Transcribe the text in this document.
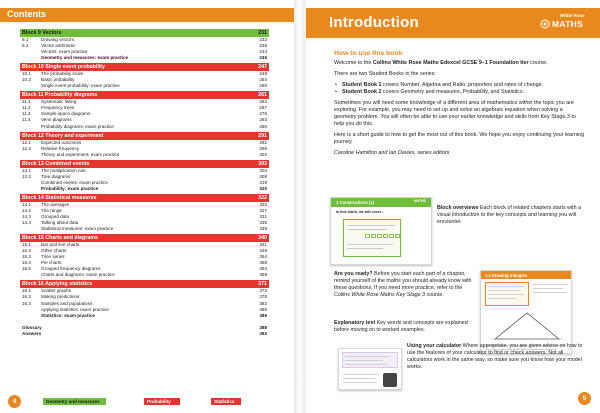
Contents
Block 9 Vectors	231
9.1	Drawing vectors	232
9.2	Vector arithmetic	238
Vectors: exam practice	244
Geometry and measures: exam practice	245
Block 10 Single event probability	247
10.1	The probability scale	248
10.2	Basic probability	254
Single event probability: exam practice	260
Block 11 Probability diagrams	261
11.1	Systematic listing	262
11.2	Frequency trees	267
11.3	Sample space diagrams	276
11.4	Venn diagrams	283
Probability diagrams: exam practice	290
Block 12 Theory and experiment	291
12.1	Expected outcomes	292
12.2	Relative frequency	296
Theory and experiment: exam practice	302
Block 13 Combined events	303
13.1	The multiplication rule	304
13.2	Tree diagrams	308
Combined events: exam practice	319
Probability: exam practice	320
Block 14 Statistical measures	322
14.1	The averages	323
14.2	The range	327
14.3	Grouped data	331
14.4	Talking about data	335
Statistical measures: exam practice	339
Block 15 Charts and diagrams	340
15.1	Bar and line charts	341
15.2	Other charts	348
15.3	Time series	354
15.4	Pie charts	358
15.5	Grouped frequency diagrams	363
Charts and diagrams: exam practice	369
Block 16 Applying statistics	371
16.1	Scatter graphs	372
16.2	Making predictions	378
16.3	Samples and populations	382
Applying statistics: exam practice	385
Statistics: exam practice	386
Glossary	388
Answers	392
4	Geometry and measures	Probability	Statistics
Introduction	White Rose
MATHS
How to use this book

Welcome to the Collins White Rose Maths Edexcel GCSE 9–1 Foundation tier course.

There are two Student Books in the series:

• Student Book 1 covers Number, Algebra and Ratio, proportion and rates of change.
• Student Book 2 covers Geometry and measures, Probability, and Statistics.

Sometimes you will need some knowledge of a different area of mathematics within the topic you are exploring. For example, you may need to set up and solve an algebraic equation when solving a geometry problem. You will often be able to use your earlier knowledge and skills from Key Stage 3 to help you do this.

Here is a short guide to how to get the most out of this book. We hope you enjoy continuing your learning journey.

Caroline Hamilton and Ian Davies, series editors

1 Constructions (1)	MATHS
In this block, we will cover...
Block overviews Each block of related chapters starts with a visual introduction to the key concepts and learning you will encounter.
1.1 Drawing triangles
Are you ready? Before you start each part of a chapter, remind yourself of the maths you should already know with these questions. If you need more practice, refer to the Collins White Rose Maths Key Stage 3 course.
Explanatory text Key words and concepts are explained before moving on to worked examples.
Using your calculator Where appropriate, you are given advice on how to use the features of your calculator to find or check answers. Not all calculators work in the same way, so make sure you know how your model works.
5
